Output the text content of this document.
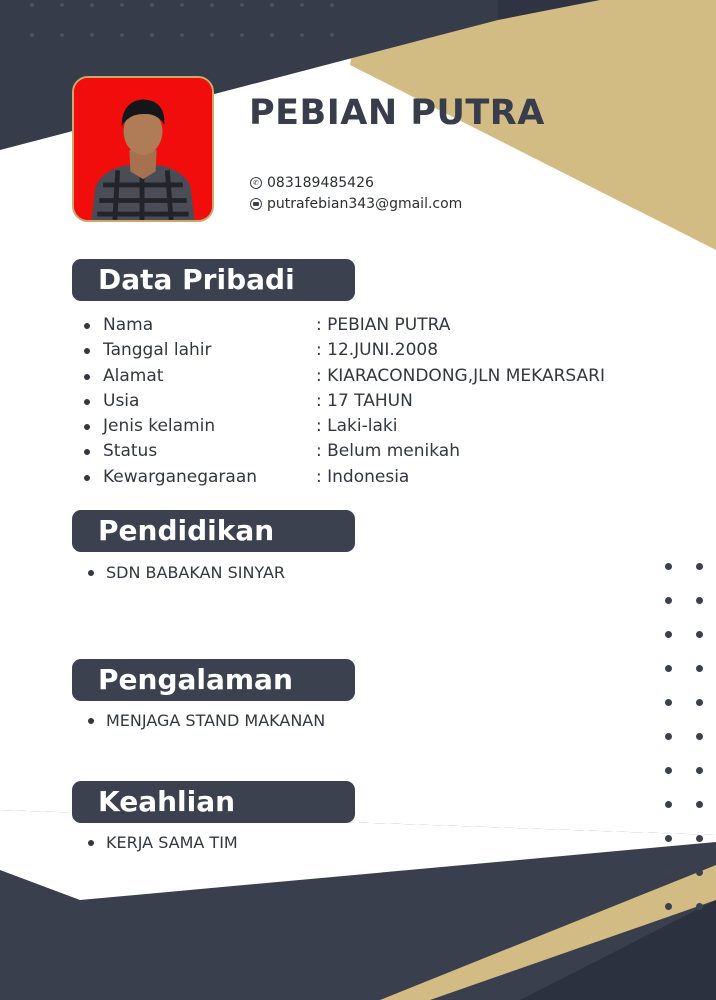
PEBIAN PUTRA
✆ 083189485426
putrafebian343@gmail.com
Data Pribadi
Nama	: PEBIAN PUTRA
Tanggal lahir	: 12.JUNI.2008
Alamat	: KIARACONDONG,JLN MEKARSARI
Usia	: 17 TAHUN
Jenis kelamin	: Laki-laki
Status	: Belum menikah
Kewarganegaraan	: Indonesia
Pendidikan
SDN BABAKAN SINYAR
Pengalaman
MENJAGA STAND MAKANAN
Keahlian
KERJA SAMA TIM
